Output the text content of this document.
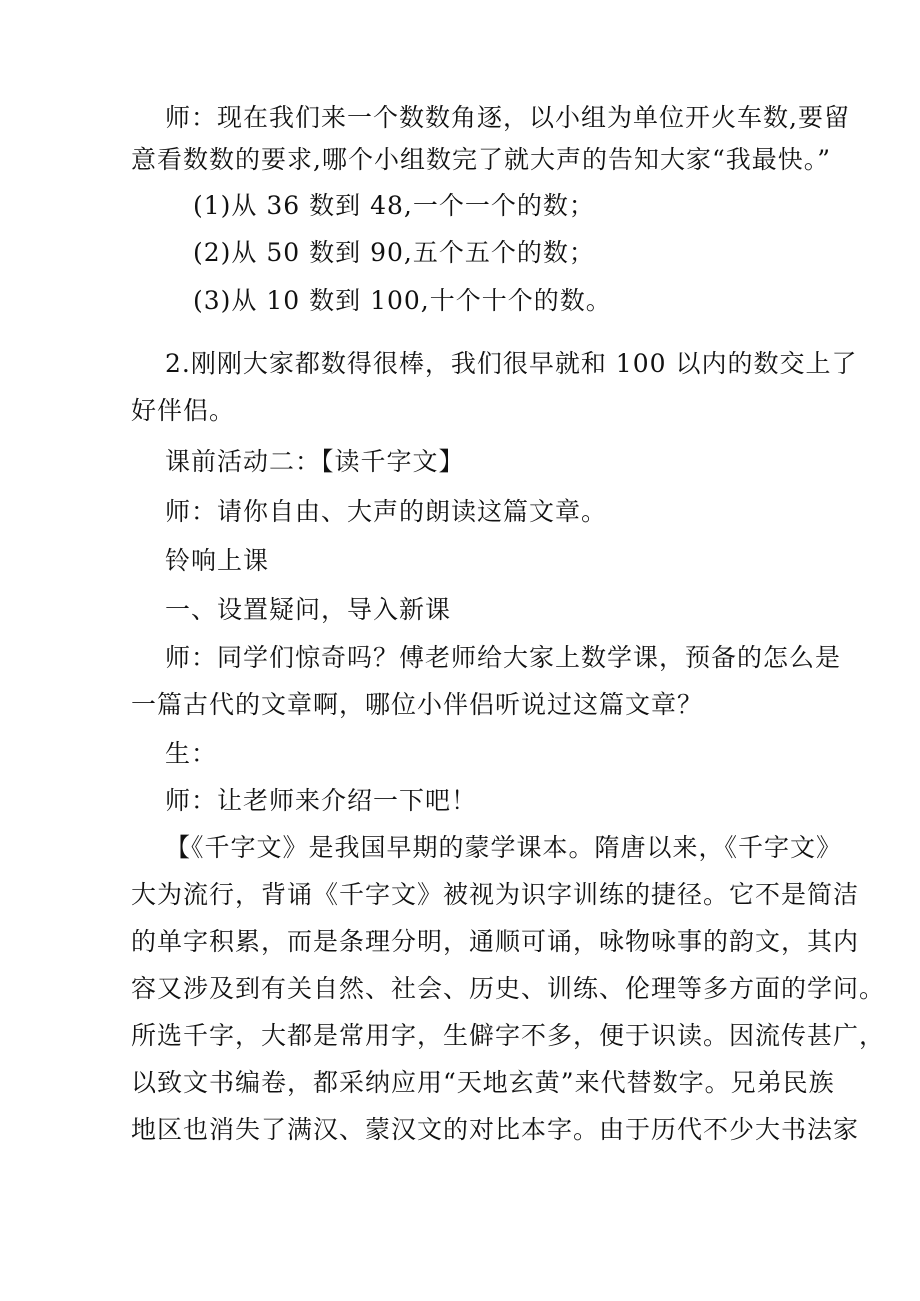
师：现在我们来一个数数角逐，以小组为单位开火车数,要留
意看数数的要求,哪个小组数完了就大声的告知大家“我最快。”
(1)从 36 数到 48,一个一个的数；
(2)从 50 数到 90,五个五个的数；
(3)从 10 数到 100,十个十个的数。
2.刚刚大家都数得很棒，我们很早就和 100 以内的数交上了
好伴侣。
课前活动二：【读千字文】
师：请你自由、大声的朗读这篇文章。
铃响上课
一、设置疑问，导入新课
师：同学们惊奇吗？傅老师给大家上数学课，预备的怎么是
一篇古代的文章啊，哪位小伴侣听说过这篇文章？
生：
师：让老师来介绍一下吧！
【《千字文》是我国早期的蒙学课本。隋唐以来，《千字文》
大为流行，背诵《千字文》被视为识字训练的捷径。它不是简洁
的单字积累，而是条理分明，通顺可诵，咏物咏事的韵文，其内
容又涉及到有关自然、社会、历史、训练、伦理等多方面的学问。
所选千字，大都是常用字，生僻字不多，便于识读。因流传甚广，
以致文书编卷，都采纳应用“天地玄黄”来代替数字。兄弟民族
地区也消失了满汉、蒙汉文的对比本字。由于历代不少大书法家
